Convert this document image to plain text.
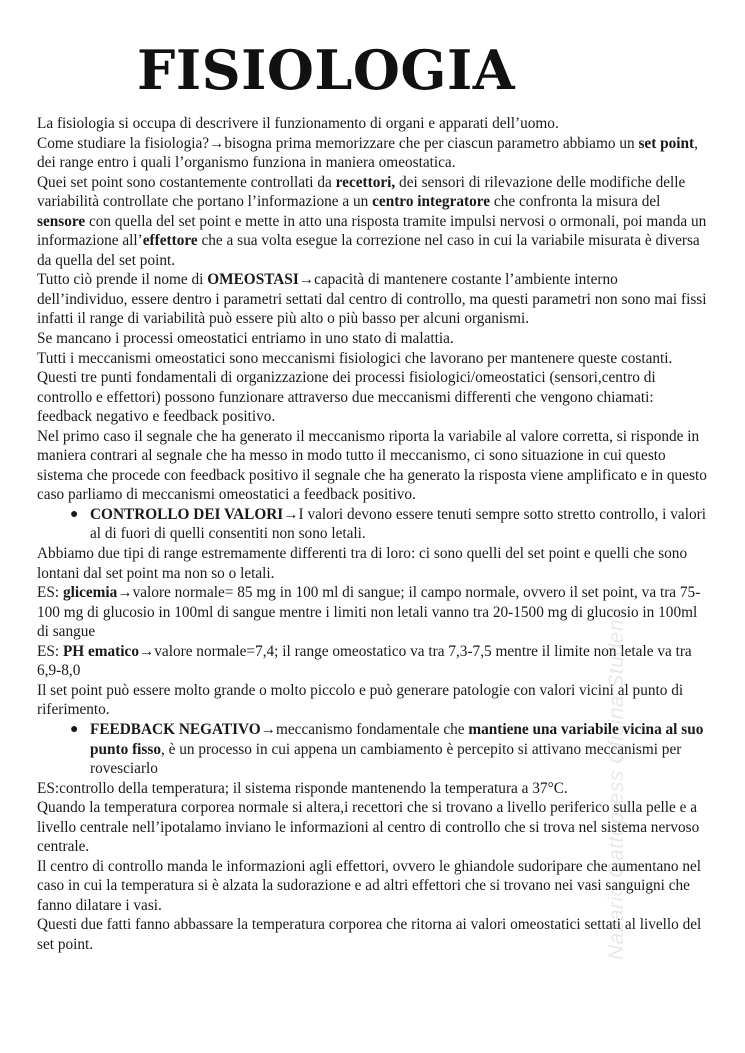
FISIOLOGIA

La fisiologia si occupa di descrivere il funzionamento di organi e apparati dell’uomo.

Come studiare la fisiologia?→bisogna prima memorizzare che per ciascun parametro abbiamo un set point, dei range entro i quali l’organismo funziona in maniera omeostatica.

Quei set point sono costantemente controllati da recettori, dei sensori di rilevazione delle modifiche delle variabilità controllate che portano l’informazione a un centro integratore che confronta la misura del sensore con quella del set point e mette in atto una risposta tramite impulsi nervosi o ormonali, poi manda un informazione all’effettore che a sua volta esegue la correzione nel caso in cui la variabile misurata è diversa da quella del set point.

Tutto ciò prende il nome di OMEOSTASI→capacità di mantenere costante l’ambiente interno dell’individuo, essere dentro i parametri settati dal centro di controllo, ma questi parametri non sono mai fissi infatti il range di variabilità può essere più alto o più basso per alcuni organismi.

Se mancano i processi omeostatici entriamo in uno stato di malattia.

Tutti i meccanismi omeostatici sono meccanismi fisiologici che lavorano per mantenere queste costanti.

Questi tre punti fondamentali di organizzazione dei processi fisiologici/omeostatici (sensori,centro di controllo e effettori) possono funzionare attraverso due meccanismi differenti che vengono chiamati: feedback negativo e feedback positivo.

Nel primo caso il segnale che ha generato il meccanismo riporta la variabile al valore corretta, si risponde in maniera contrari al segnale che ha messo in modo tutto il meccanismo, ci sono situazione in cui questo sistema che procede con feedback positivo il segnale che ha generato la risposta viene amplificato e in questo caso parliamo di meccanismi omeostatici a feedback positivo.

● CONTROLLO DEI VALORI→I valori devono essere tenuti sempre sotto stretto controllo, i valori al di fuori di quelli consentiti non sono letali.

Abbiamo due tipi di range estremamente differenti tra di loro: ci sono quelli del set point e quelli che sono lontani dal set point ma non so o letali.

ES: glicemia→valore normale= 85 mg in 100 ml di sangue; il campo normale, ovvero il set point, va tra 75-100 mg di glucosio in 100ml di sangue mentre i limiti non letali vanno tra 20-1500 mg di glucosio in 100ml di sangue

ES: PH ematico→valore normale=7,4; il range omeostatico va tra 7,3-7,5 mentre il limite non letale va tra 6,9-8,0

Il set point può essere molto grande o molto piccolo e può generare patologie con valori vicini al punto di riferimento.

● FEEDBACK NEGATIVO→meccanismo fondamentale che mantiene una variabile vicina al suo punto fisso, è un processo in cui appena un cambiamento è percepito si attivano meccanismi per rovesciarlo

ES:controllo della temperatura; il sistema risponde mantenendo la temperatura a 37°C.

Quando la temperatura corporea normale si altera,i recettori che si trovano a livello periferico sulla pelle e a livello centrale nell’ipotalamo inviano le informazioni al centro di controllo che si trova nel sistema nervoso centrale.

Il centro di controllo manda le informazioni agli effettori, ovvero le ghiandole sudoripare che aumentano nel caso in cui la temperatura si è alzata la sudorazione e ad altri effettori che si trovano nei vasi sanguigni che fanno dilatare i vasi.

Questi due fatti fanno abbassare la temperatura corporea che ritorna ai valori omeostatici settati al livello del set point.	Nazario Gattopress Oficina Studenti
